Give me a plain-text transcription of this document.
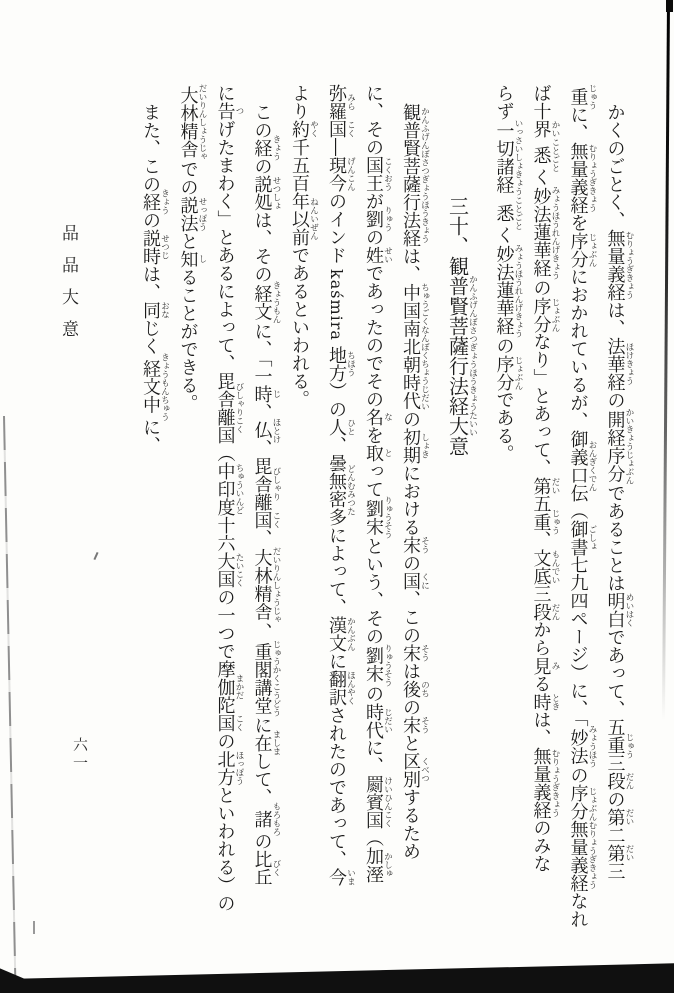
かくのごとく、無量義経むりょうぎきょうは、法華経ほけきょうの開経序分かいきょうじょぶんであることは明白めいはくであって、五重じゅう三段だんの第だい二第だい三
重じゅうに、無量義経むりょうぎきょうを序分じょぶんにおかれているが、御義口伝おんぎくでん（御書ごしょ七九四ページ）に、「妙法みょうほうの序分無量義経じょぶんむりょうぎきょうなれ
ば十界かい悉ことごとく妙法蓮華経みょうほうれんげきょうの序分じょぶんなり」とあって、第だい五重じゅう、文底もんでい三段だんから見みる時ときは、無量義経むりょうぎきょうのみな
らず一切諸経いっさいしょきょう悉ことごとく妙法蓮華経みょうほうれんげきょうの序分じょぶんである。

三十、観普賢菩薩行法経大意かんふげんぼさつぎょうほうきょうたいい

観普賢菩薩行法経かんふげんぼさつぎょうほうきょうは、中国南北朝時代ちゅうごくなんぼくちょうじだいの初期しょきにおける宋そうの国くに、この宋そうは後のちの宋そうと区別くべつするため
に、その国王こくおうが劉りゅうの姓せいであったのでその名なを取とって劉宋りゅうそうという、その劉宋りゅうそうの時代じだいに、罽賓国けいひんこく（加溼かしゅ
弥羅みら国こく―現今げんこんのインドkaśmira地方ちほう）の人ひと、曇無密多どんむみつたによって、漢文かんぶんに翻訳ほんやくされたのであって、今いま
より約やく千五百年以前ねんいぜんであるといわれる。

この経きょうの説処せつしょは、その経文きょうもんに、「一時じ、仏ほとけ、毘舎離びしゃり国こく、大林精舎だいりんしょうじゃ、重閣講堂じゅうかくこうどうに在ましまして、諸もろもろの比丘びく
に告つげたまわく」とあるによって、毘舎離国びしゃりこく（中印度ちゅういんど十六大国たいこくの一つで摩伽陀まかだ国こくの北方ほっぽうといわれる）の
大林精舎だいりんしょうじゃでの説法せっぽうと知しることができる。

また、この経きょうの説時せつじは、同おなじく経文中きょうもんちゅうに、

品品大意
六一
